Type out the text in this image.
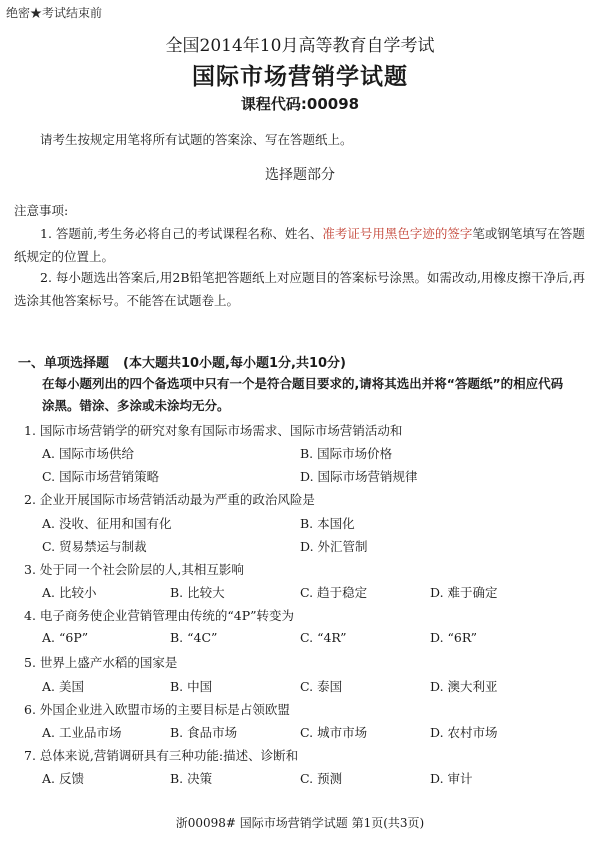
绝密★考试结束前
全国2014年10月高等教育自学考试
国际市场营销学试题
课程代码:00098
请考生按规定用笔将所有试题的答案涂、写在答题纸上。
选择题部分
注意事项:
1. 答题前,考生务必将自己的考试课程名称、姓名、准考证号用黑色字迹的签字笔或钢笔填写在答题纸规定的位置上。
2. 每小题选出答案后,用2B铅笔把答题纸上对应题目的答案标号涂黑。如需改动,用橡皮擦干净后,再选涂其他答案标号。不能答在试题卷上。
一、单项选择题 (本大题共10小题,每小题1分,共10分)
在每小题列出的四个备选项中只有一个是符合题目要求的,请将其选出并将“答题纸”的相应代码涂黑。错涂、多涂或未涂均无分。
1. 国际市场营销学的研究对象有国际市场需求、国际市场营销活动和
A. 国际市场供给	B. 国际市场价格
C. 国际市场营销策略	D. 国际市场营销规律
2. 企业开展国际市场营销活动最为严重的政治风险是
A. 没收、征用和国有化	B. 本国化
C. 贸易禁运与制裁	D. 外汇管制
3. 处于同一个社会阶层的人,其相互影响
A. 比较小	B. 比较大	C. 趋于稳定	D. 难于确定
4. 电子商务使企业营销管理由传统的“4P”转变为
A. “6P”	B. “4C”	C. “4R”	D. “6R”
5. 世界上盛产水稻的国家是
A. 美国	B. 中国	C. 泰国	D. 澳大利亚
6. 外国企业进入欧盟市场的主要目标是占领欧盟
A. 工业品市场	B. 食品市场	C. 城市市场	D. 农村市场
7. 总体来说,营销调研具有三种功能:描述、诊断和
A. 反馈	B. 决策	C. 预测	D. 审计
浙00098# 国际市场营销学试题 第1页(共3页)
